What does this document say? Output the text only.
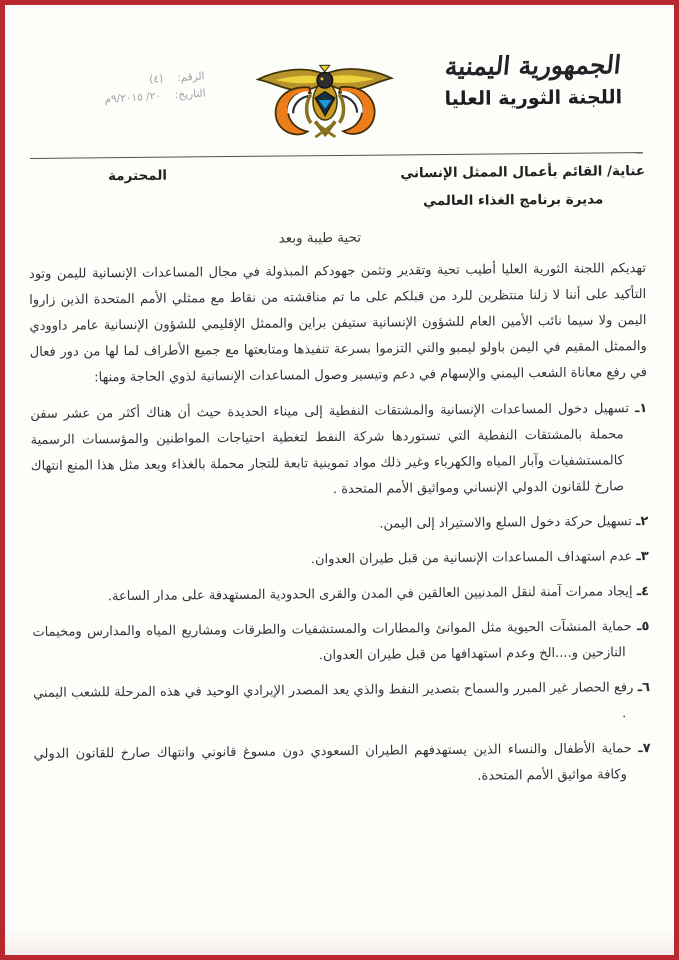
الرقم:
(٤)
التاريخ:
٢٠/ ٩/٢٠١٥م
الجمهورية اليمنية
اللجنة الثورية العليا
عناية/ القائم بأعمال الممثل الإنساني
المحترمة
مديرة برنامج الغذاء العالمي
تحية طيبة وبعد
تهديكم اللجنة الثورية العليا أطيب تحية وتقدير وتثمن جهودكم المبذولة في مجال المساعدات الإنسانية لليمن وتود التأكيد على أننا لا زلنا منتظرين للرد من قبلكم على ما تم مناقشته من نقاط مع ممثلي الأمم المتحدة الذين زاروا اليمن ولا سيما نائب الأمين العام للشؤون الإنسانية ستيفن براين والممثل الإقليمي للشؤون الإنسانية عامر داوودي والممثل المقيم في اليمن باولو ليمبو والتي التزموا بسرعة تنفيذها ومتابعتها مع جميع الأطراف لما لها من دور فعال في رفع معاناة الشعب اليمني والإسهام في دعم وتيسير وصول المساعدات الإنسانية لذوي الحاجة ومنها:
١ـ تسهيل دخول المساعدات الإنسانية والمشتقات النفطية إلى ميناء الحديدة حيث أن هناك أكثر من عشر سفن محملة بالمشتقات النفطية التي تستوردها شركة النفط لتغطية احتياجات المواطنين والمؤسسات الرسمية كالمستشفيات وآبار المياه والكهرباء وغير ذلك مواد تموينية تابعة للتجار محملة بالغذاء ويعد مثل هذا المنع انتهاك صارخ للقانون الدولي الإنساني ومواثيق الأمم المتحدة .
٢ـ تسهيل حركة دخول السلع والاستيراد إلى اليمن.
٣ـ عدم استهداف المساعدات الإنسانية من قبل طيران العدوان.
٤ـ إيجاد ممرات آمنة لنقل المدنيين العالقين في المدن والقرى الحدودية المستهدفة على مدار الساعة.
٥ـ حماية المنشآت الحيوية مثل الموانئ والمطارات والمستشفيات والطرقات ومشاريع المياه والمدارس ومخيمات النازحين و....الخ وعدم استهدافها من قبل طيران العدوان.
٦ـ رفع الحصار غير المبرر والسماح بتصدير النفط والذي يعد المصدر الإيرادي الوحيد في هذه المرحلة للشعب اليمني .
٧ـ حماية الأطفال والنساء الذين يستهدفهم الطيران السعودي دون مسوغ قانوني وانتهاك صارخ للقانون الدولي وكافة مواثيق الأمم المتحدة.
